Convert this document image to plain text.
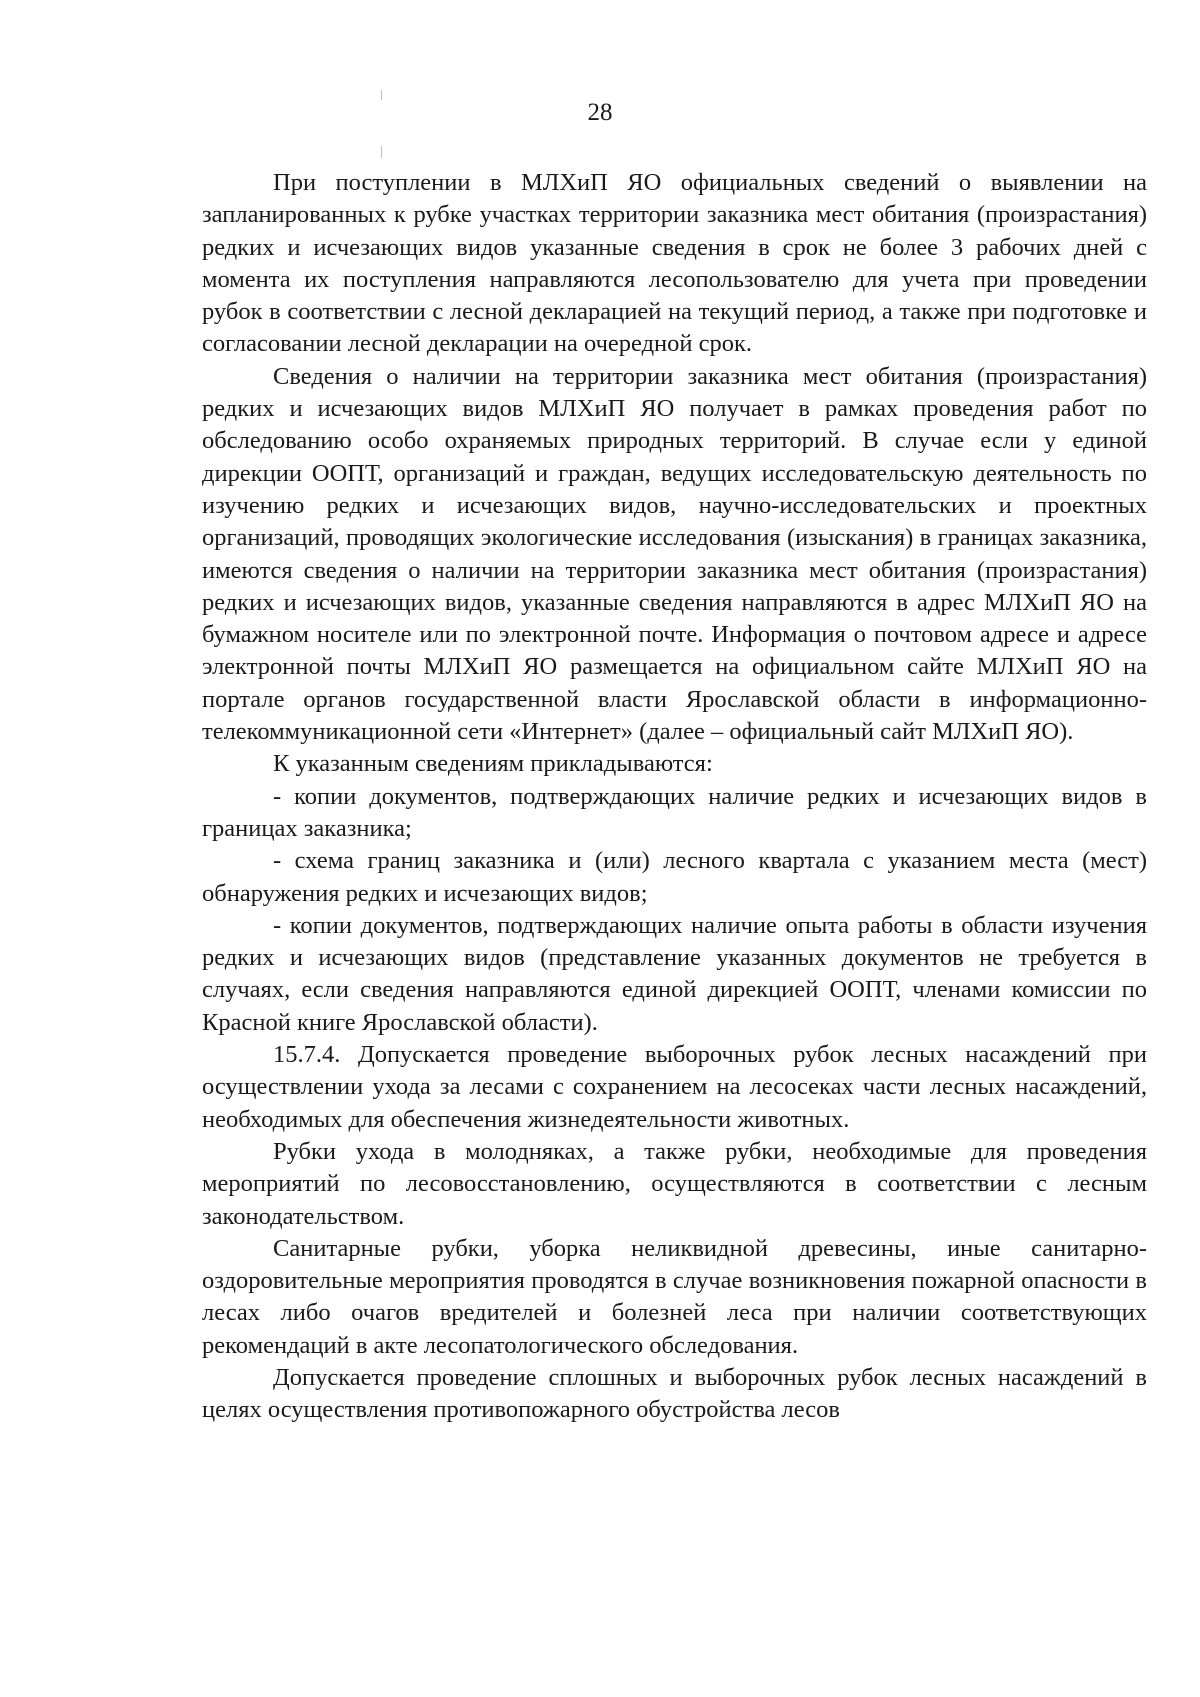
28

При поступлении в МЛХиП ЯО официальных сведений о выявлении на запланированных к рубке участках территории заказника мест обитания (произрастания) редких и исчезающих видов указанные сведения в срок не более 3 рабочих дней с момента их поступления направляются лесопользователю для учета при проведении рубок в соответствии с лесной декларацией на текущий период, а также при подготовке и согласовании лесной декларации на очередной срок.

Сведения о наличии на территории заказника мест обитания (произрастания) редких и исчезающих видов МЛХиП ЯО получает в рамках проведения работ по обследованию особо охраняемых природных территорий. В случае если у единой дирекции ООПТ, организаций и граждан, ведущих исследовательскую деятельность по изучению редких и исчезающих видов, научно-исследовательских и проектных организаций, проводящих экологические исследования (изыскания) в границах заказника, имеются сведения о наличии на территории заказника мест обитания (произрастания) редких и исчезающих видов, указанные сведения направляются в адрес МЛХиП ЯО на бумажном носителе или по электронной почте. Информация о почтовом адресе и адресе электронной почты МЛХиП ЯО размещается на официальном сайте МЛХиП ЯО на портале органов государственной власти Ярославской области в информационно-телекоммуникационной сети «Интернет» (далее – официальный сайт МЛХиП ЯО).

К указанным сведениям прикладываются:

- копии документов, подтверждающих наличие редких и исчезающих видов в границах заказника;

- схема границ заказника и (или) лесного квартала с указанием места (мест) обнаружения редких и исчезающих видов;

- копии документов, подтверждающих наличие опыта работы в области изучения редких и исчезающих видов (представление указанных документов не требуется в случаях, если сведения направляются единой дирекцией ООПТ, членами комиссии по Красной книге Ярославской области).

15.7.4. Допускается проведение выборочных рубок лесных насаждений при осуществлении ухода за лесами с сохранением на лесосеках части лесных насаждений, необходимых для обеспечения жизнедеятельности животных.

Рубки ухода в молодняках, а также рубки, необходимые для проведения мероприятий по лесовосстановлению, осуществляются в соответствии с лесным законодательством.

Санитарные рубки, уборка неликвидной древесины, иные санитарно-оздоровительные мероприятия проводятся в случае возникновения пожарной опасности в лесах либо очагов вредителей и болезней леса при наличии соответствующих рекомендаций в акте лесопатологического обследования.

Допускается проведение сплошных и выборочных рубок лесных насаждений в целях осуществления противопожарного обустройства лесов
